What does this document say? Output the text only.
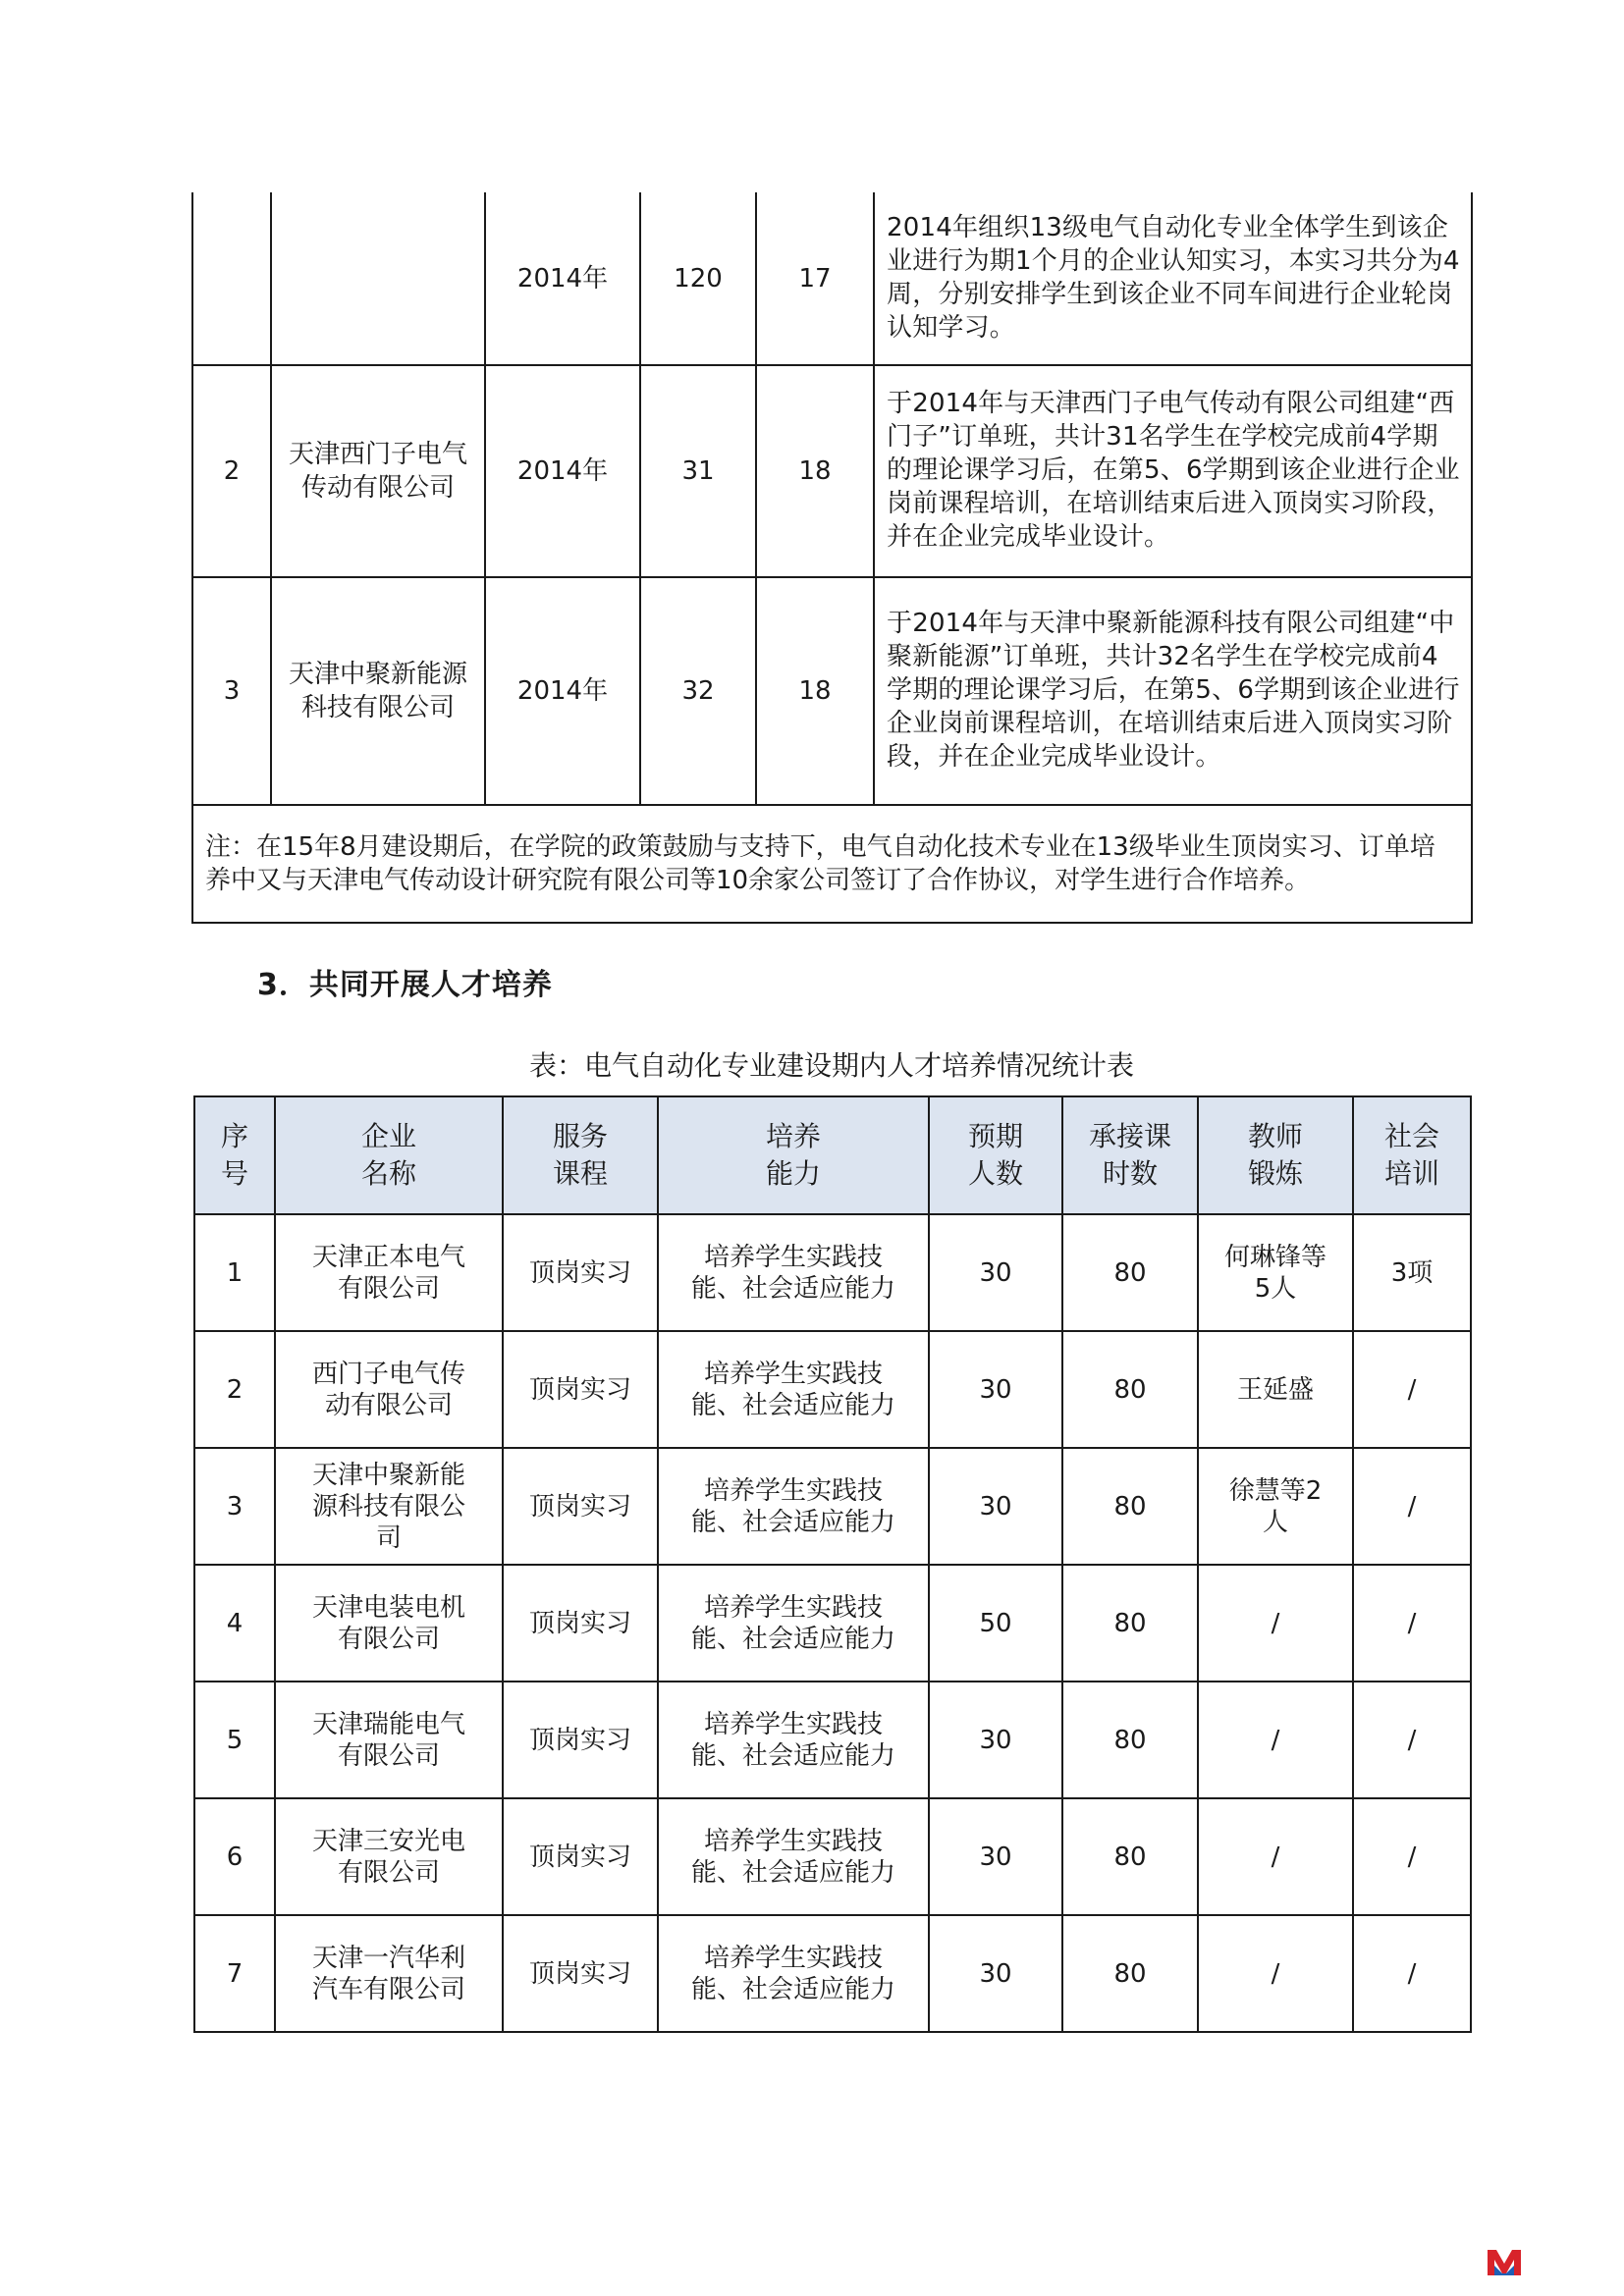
		2014年	120	17	2014年组织13级电气自动化专业全体学生到该企业进行为期1个月的企业认知实习，本实习共分为4周，分别安排学生到该企业不同车间进行企业轮岗认知学习。
2	天津西门子电气传动有限公司	2014年	31	18	于2014年与天津西门子电气传动有限公司组建“西门子”订单班，共计31名学生在学校完成前4学期的理论课学习后，在第5、6学期到该企业进行企业岗前课程培训，在培训结束后进入顶岗实习阶段，并在企业完成毕业设计。
3	天津中聚新能源科技有限公司	2014年	32	18	于2014年与天津中聚新能源科技有限公司组建“中聚新能源”订单班，共计32名学生在学校完成前4学期的理论课学习后，在第5、6学期到该企业进行企业岗前课程培训，在培训结束后进入顶岗实习阶段，并在企业完成毕业设计。
注：在15年8月建设期后，在学院的政策鼓励与支持下，电气自动化技术专业在13级毕业生顶岗实习、订单培养中又与天津电气传动设计研究院有限公司等10余家公司签订了合作协议，对学生进行合作培养。					
3．共同开展人才培养

表：电气自动化专业建设期内人才培养情况统计表

序号	企业名称	服务课程	培养能力	预期人数	承接课时数	教师锻炼	社会培训
1	天津正本电气有限公司	顶岗实习	培养学生实践技能、社会适应能力	30	80	何琳锋等5人	3项
2	西门子电气传动有限公司	顶岗实习	培养学生实践技能、社会适应能力	30	80	王延盛	/
3	天津中聚新能源科技有限公司	顶岗实习	培养学生实践技能、社会适应能力	30	80	徐慧等2人	/
4	天津电装电机有限公司	顶岗实习	培养学生实践技能、社会适应能力	50	80	/	/
5	天津瑞能电气有限公司	顶岗实习	培养学生实践技能、社会适应能力	30	80	/	/
6	天津三安光电有限公司	顶岗实习	培养学生实践技能、社会适应能力	30	80	/	/
7	天津一汽华利汽车有限公司	顶岗实习	培养学生实践技能、社会适应能力	30	80	/	/
